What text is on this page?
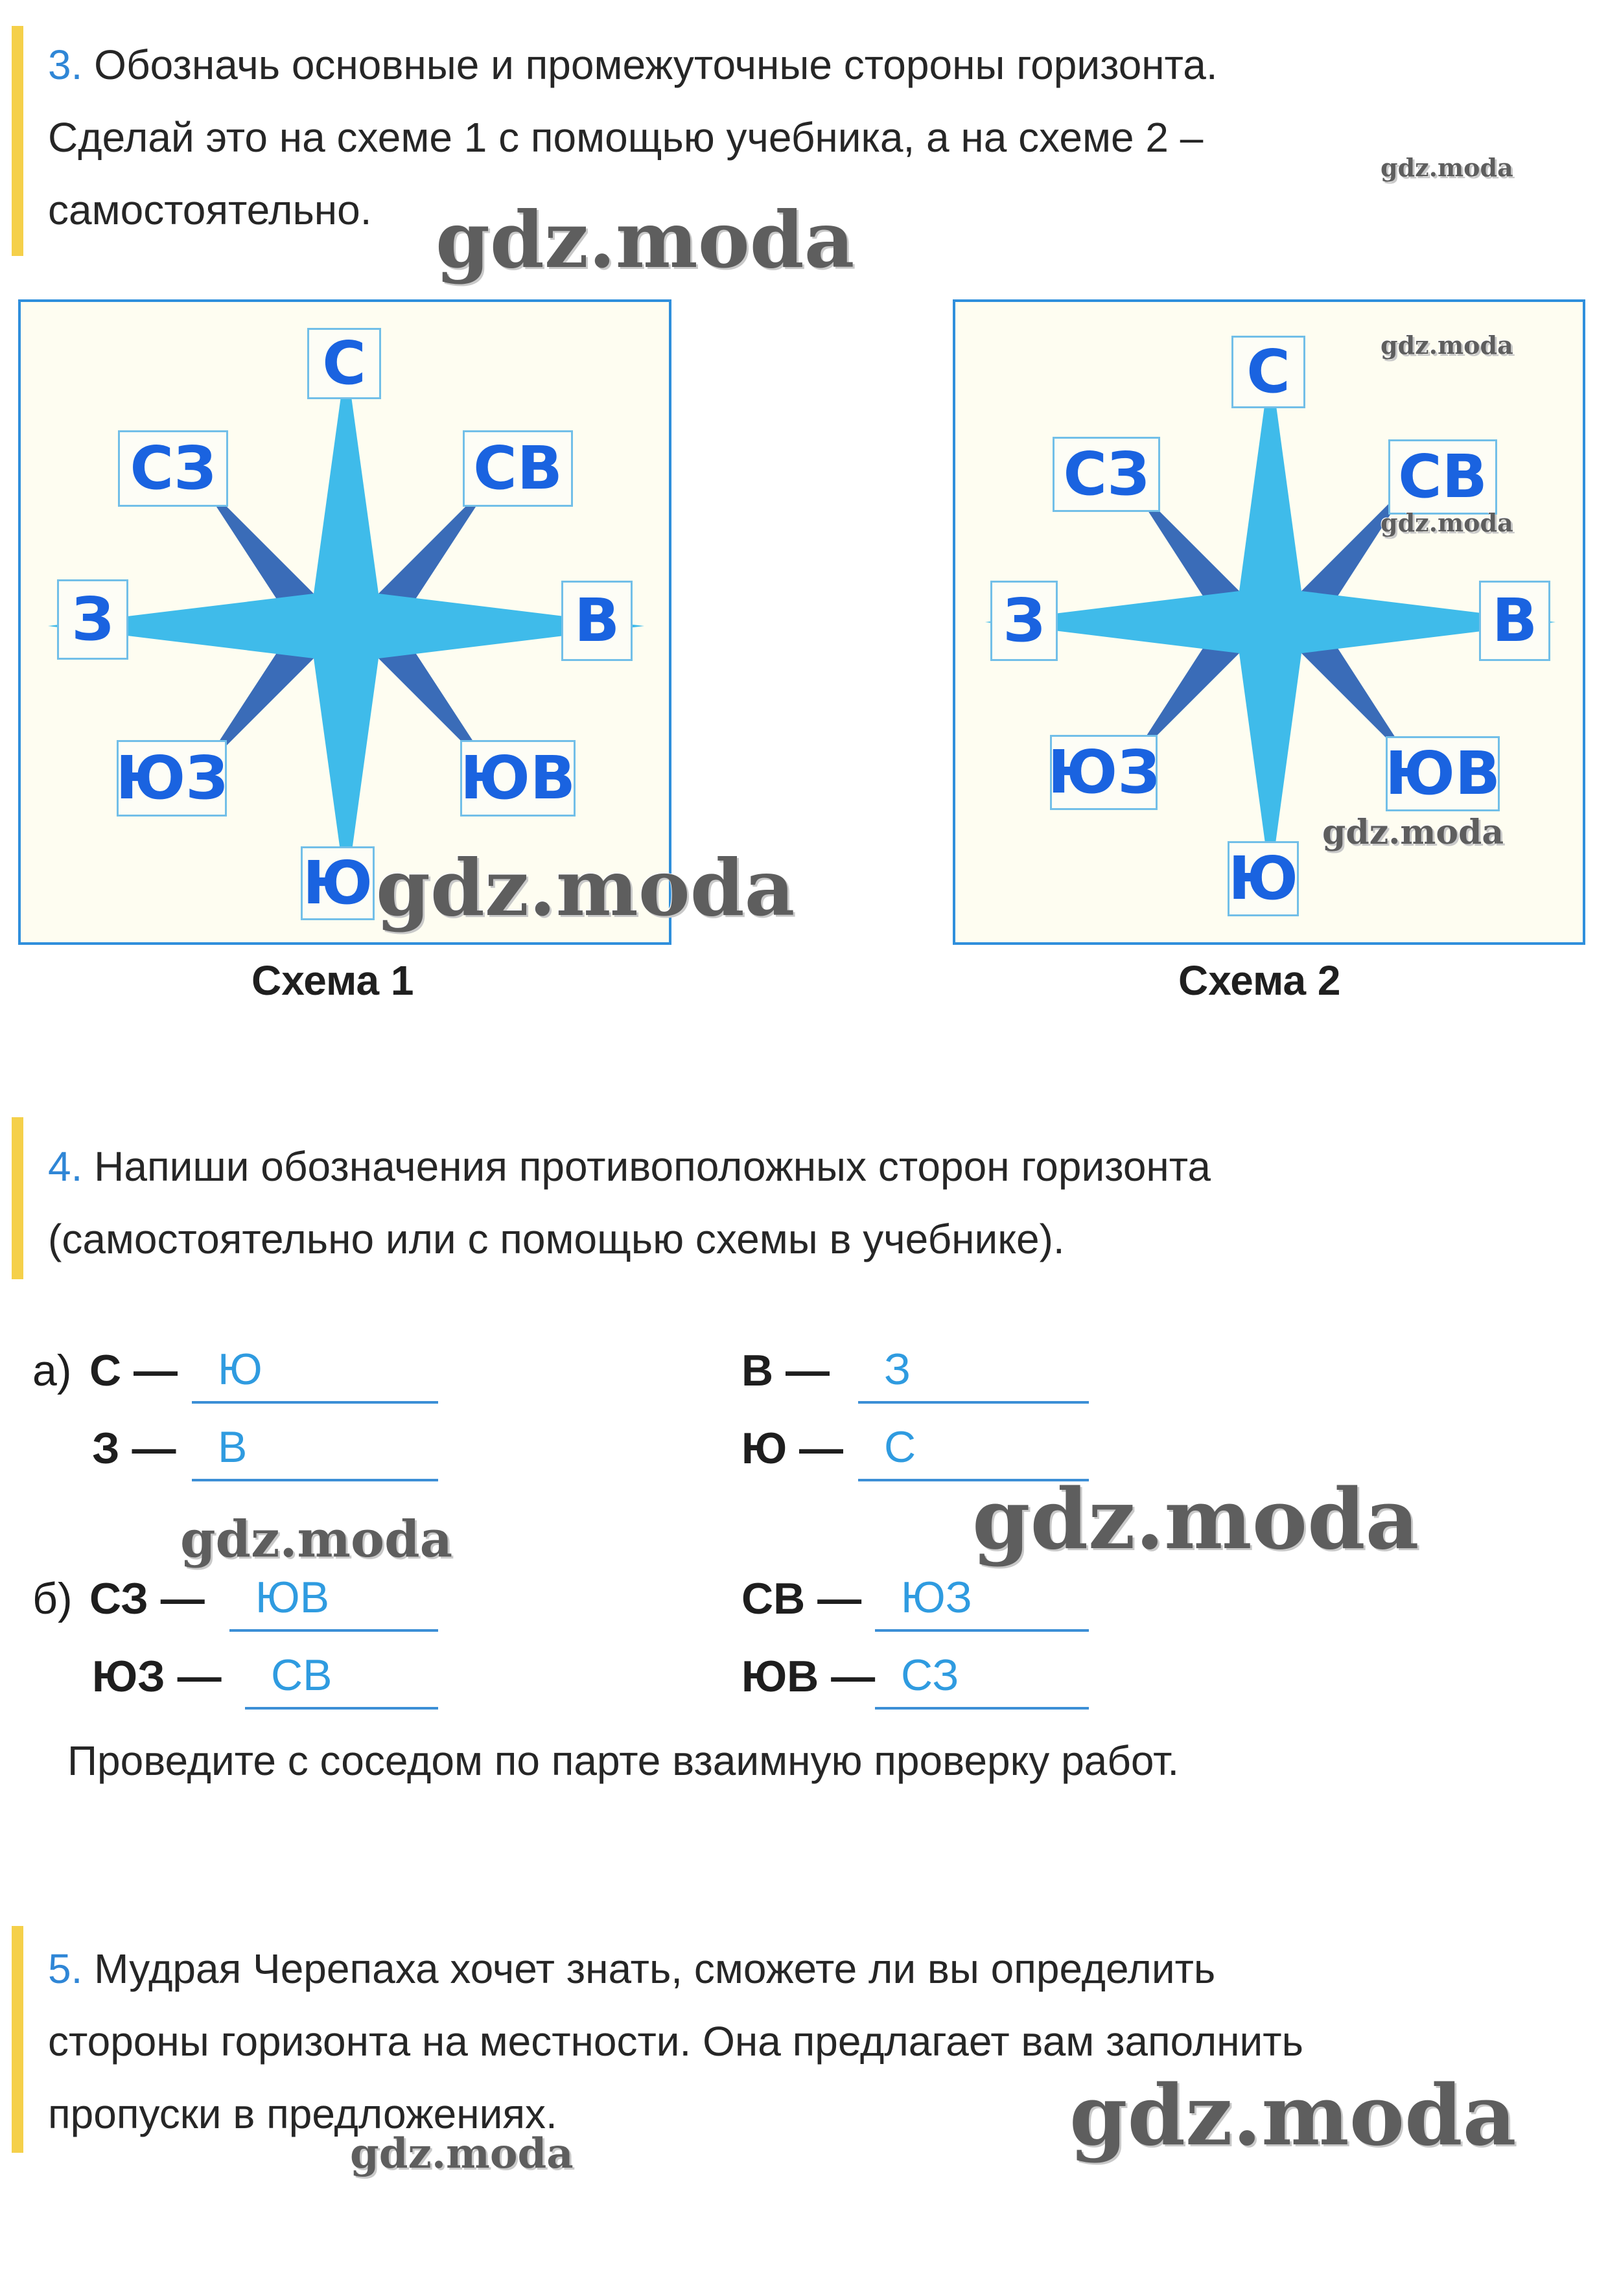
3. Обозначь основные и промежуточные стороны горизонта.
Сделай это на схеме 1 с помощью учебника, а на схеме 2 –
самостоятельно.
С
СЗ	СВ
З	В
ЮЗ	ЮВ
Ю
Схема 1
С
СЗ	СВ
З	В
ЮЗ	ЮВ
Ю
Схема 2
4. Напиши обозначения противоположных сторон горизонта
(самостоятельно или с помощью схемы в учебнике).
а) С — Ю
З — В
В —	З
Ю — С
б) СЗ —	ЮВ
ЮЗ —	СВ
СВ — ЮЗ
ЮВ — СЗ
Проведите с соседом по парте взаимную проверку работ.
5. Мудрая Черепаха хочет знать, сможете ли вы определить
стороны горизонта на местности. Она предлагает вам заполнить
пропуски в предложениях.
gdz.moda
gdz.moda
gdz.moda
gdz.moda
gdz.moda
gdz.moda
gdz.moda	gdz.moda
gdz.moda
gdz.moda
